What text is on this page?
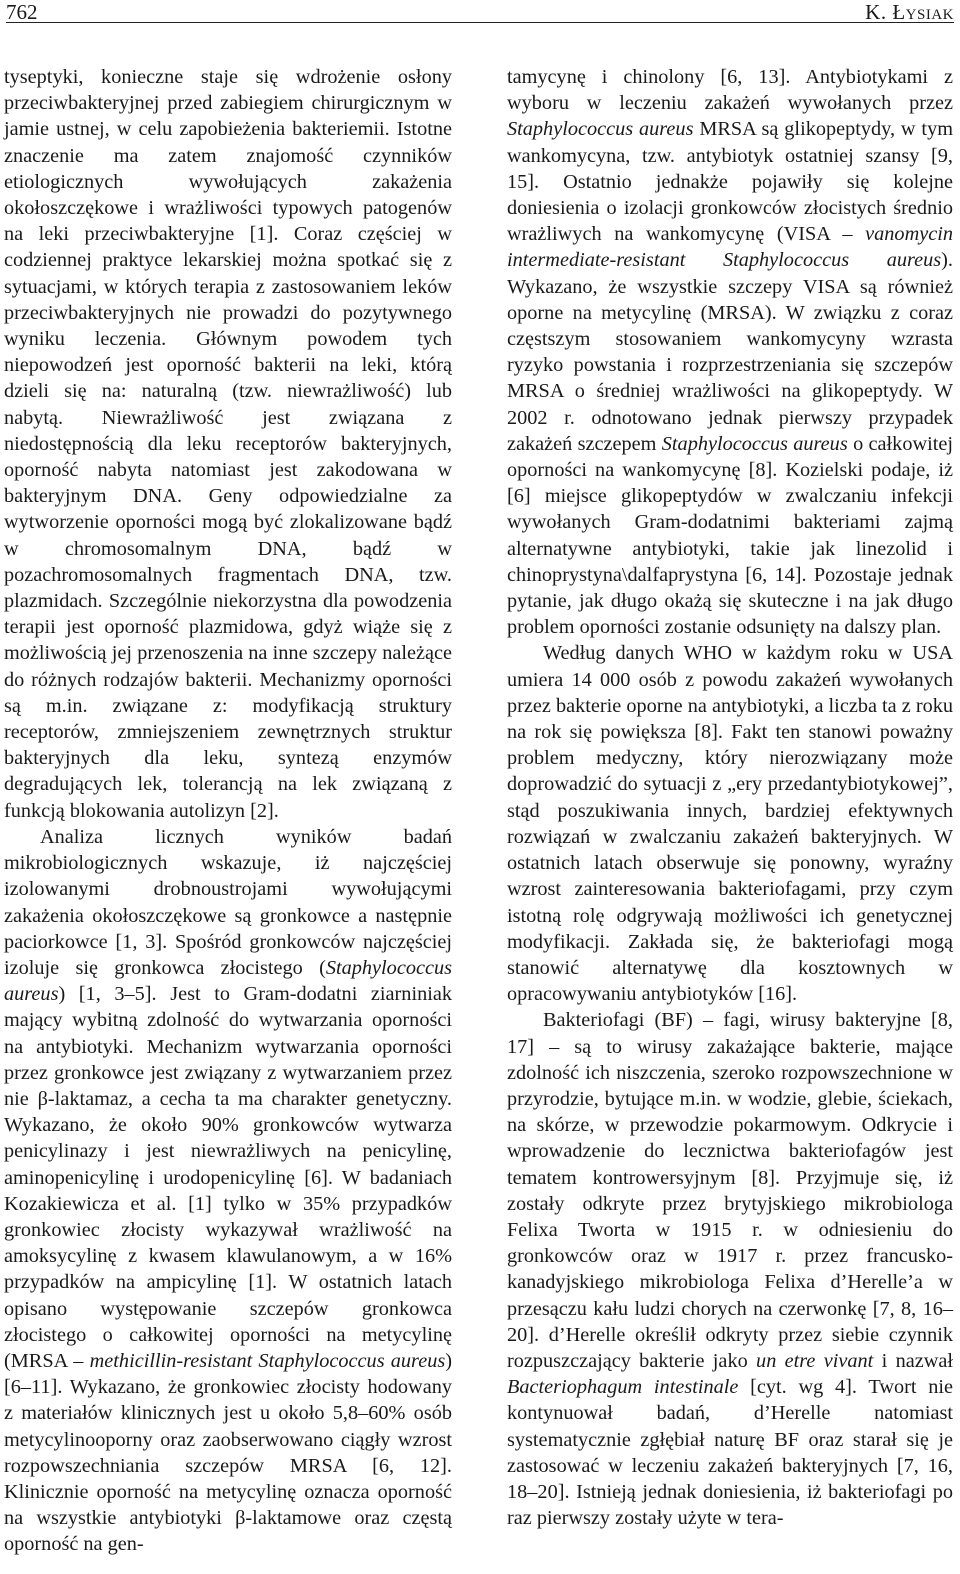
762	K. Łysiak

tyseptyki, konieczne staje się wdrożenie osłony przeciwbakteryjnej przed zabiegiem chirurgicznym w jamie ustnej, w celu zapobieżenia bakteriemii. Istotne znaczenie ma zatem znajomość czynników etiologicznych wywołujących zakażenia okołoszczękowe i wrażliwości typowych patogenów na leki przeciwbakteryjne [1]. Coraz częściej w codziennej praktyce lekarskiej można spotkać się z sytuacjami, w których terapia z zastosowaniem leków przeciwbakteryjnych nie prowadzi do pozytywnego wyniku leczenia. Głównym powodem tych niepowodzeń jest oporność bakterii na leki, którą dzieli się na: naturalną (tzw. niewrażliwość) lub nabytą. Niewrażliwość jest związana z niedostępnością dla leku receptorów bakteryjnych, oporność nabyta natomiast jest zakodowana w bakteryjnym DNA. Geny odpowiedzialne za wytworzenie oporności mogą być zlokalizowane bądź w chromosomalnym DNA, bądź w pozachromosomalnych fragmentach DNA, tzw. plazmidach. Szczególnie niekorzystna dla powodzenia terapii jest oporność plazmidowa, gdyż wiąże się z możliwością jej przenoszenia na inne szczepy należące do różnych rodzajów bakterii. Mechanizmy oporności są m.in. związane z: modyfikacją struktury receptorów, zmniejszeniem zewnętrznych struktur bakteryjnych dla leku, syntezą enzymów degradujących lek, tolerancją na lek związaną z funkcją blokowania autolizyn [2].

Analiza licznych wyników badań mikrobiologicznych wskazuje, iż najczęściej izolowanymi drobnoustrojami wywołującymi zakażenia okołoszczękowe są gronkowce a następnie paciorkowce [1, 3]. Spośród gronkowców najczęściej izoluje się gronkowca złocistego (Staphylococcus aureus) [1, 3–5]. Jest to Gram-dodatni ziarniniak mający wybitną zdolność do wytwarzania oporności na antybiotyki. Mechanizm wytwarzania oporności przez gronkowce jest związany z wytwarzaniem przez nie β-laktamaz, a cecha ta ma charakter genetyczny. Wykazano, że około 90% gronkowców wytwarza penicylinazy i jest niewrażliwych na penicylinę, aminopenicylinę i urodopenicylinę [6]. W badaniach Kozakiewicza et al. [1] tylko w 35% przypadków gronkowiec złocisty wykazywał wrażliwość na amoksycylinę z kwasem klawulanowym, a w 16% przypadków na ampicylinę [1]. W ostatnich latach opisano występowanie szczepów gronkowca złocistego o całkowitej oporności na metycylinę (MRSA – methicillin-resistant Staphylococcus aureus) [6–11]. Wykazano, że gronkowiec złocisty hodowany z materiałów klinicznych jest u około 5,8–60% osób metycylinooporny oraz zaobserwowano ciągły wzrost rozpowszechniania szczepów MRSA [6, 12]. Klinicznie oporność na metycylinę oznacza oporność na wszystkie antybiotyki β-laktamowe oraz częstą oporność na gen-

tamycynę i chinolony [6, 13]. Antybiotykami z wyboru w leczeniu zakażeń wywołanych przez Staphylococcus aureus MRSA są glikopeptydy, w tym wankomycyna, tzw. antybiotyk ostatniej szansy [9, 15]. Ostatnio jednakże pojawiły się kolejne doniesienia o izolacji gronkowców złocistych średnio wrażliwych na wankomycynę (VISA – vanomycin intermediate-resistant Staphylococcus aureus). Wykazano, że wszystkie szczepy VISA są również oporne na metycylinę (MRSA). W związku z coraz częstszym stosowaniem wankomycyny wzrasta ryzyko powstania i rozprzestrzeniania się szczepów MRSA o średniej wrażliwości na glikopeptydy. W 2002 r. odnotowano jednak pierwszy przypadek zakażeń szczepem Staphylococcus aureus o całkowitej oporności na wankomycynę [8]. Kozielski podaje, iż [6] miejsce glikopeptydów w zwalczaniu infekcji wywołanych Gram-dodatnimi bakteriami zajmą alternatywne antybiotyki, takie jak linezolid i chinoprystyna\dalfaprystyna [6, 14]. Pozostaje jednak pytanie, jak długo okażą się skuteczne i na jak długo problem oporności zostanie odsunięty na dalszy plan.

Według danych WHO w każdym roku w USA umiera 14 000 osób z powodu zakażeń wywołanych przez bakterie oporne na antybiotyki, a liczba ta z roku na rok się powiększa [8]. Fakt ten stanowi poważny problem medyczny, który nierozwiązany może doprowadzić do sytuacji z „ery przedantybiotykowej”, stąd poszukiwania innych, bardziej efektywnych rozwiązań w zwalczaniu zakażeń bakteryjnych. W ostatnich latach obserwuje się ponowny, wyraźny wzrost zainteresowania bakteriofagami, przy czym istotną rolę odgrywają możliwości ich genetycznej modyfikacji. Zakłada się, że bakteriofagi mogą stanowić alternatywę dla kosztownych w opracowywaniu antybiotyków [16].

Bakteriofagi (BF) – fagi, wirusy bakteryjne [8, 17] – są to wirusy zakażające bakterie, mające zdolność ich niszczenia, szeroko rozpowszechnione w przyrodzie, bytujące m.in. w wodzie, glebie, ściekach, na skórze, w przewodzie pokarmowym. Odkrycie i wprowadzenie do lecznictwa bakteriofagów jest tematem kontrowersyjnym [8]. Przyjmuje się, iż zostały odkryte przez brytyjskiego mikrobiologa Felixa Tworta w 1915 r. w odniesieniu do gronkowców oraz w 1917 r. przez francusko-kanadyjskiego mikrobiologa Felixa d’Herelle’a w przesączu kału ludzi chorych na czerwonkę [7, 8, 16–20]. d’Herelle określił odkryty przez siebie czynnik rozpuszczający bakterie jako un etre vivant i nazwał Bacteriophagum intestinale [cyt. wg 4]. Twort nie kontynuował badań, d’Herelle natomiast systematycznie zgłębiał naturę BF oraz starał się je zastosować w leczeniu zakażeń bakteryjnych [7, 16, 18–20]. Istnieją jednak doniesienia, iż bakteriofagi po raz pierwszy zostały użyte w tera-
